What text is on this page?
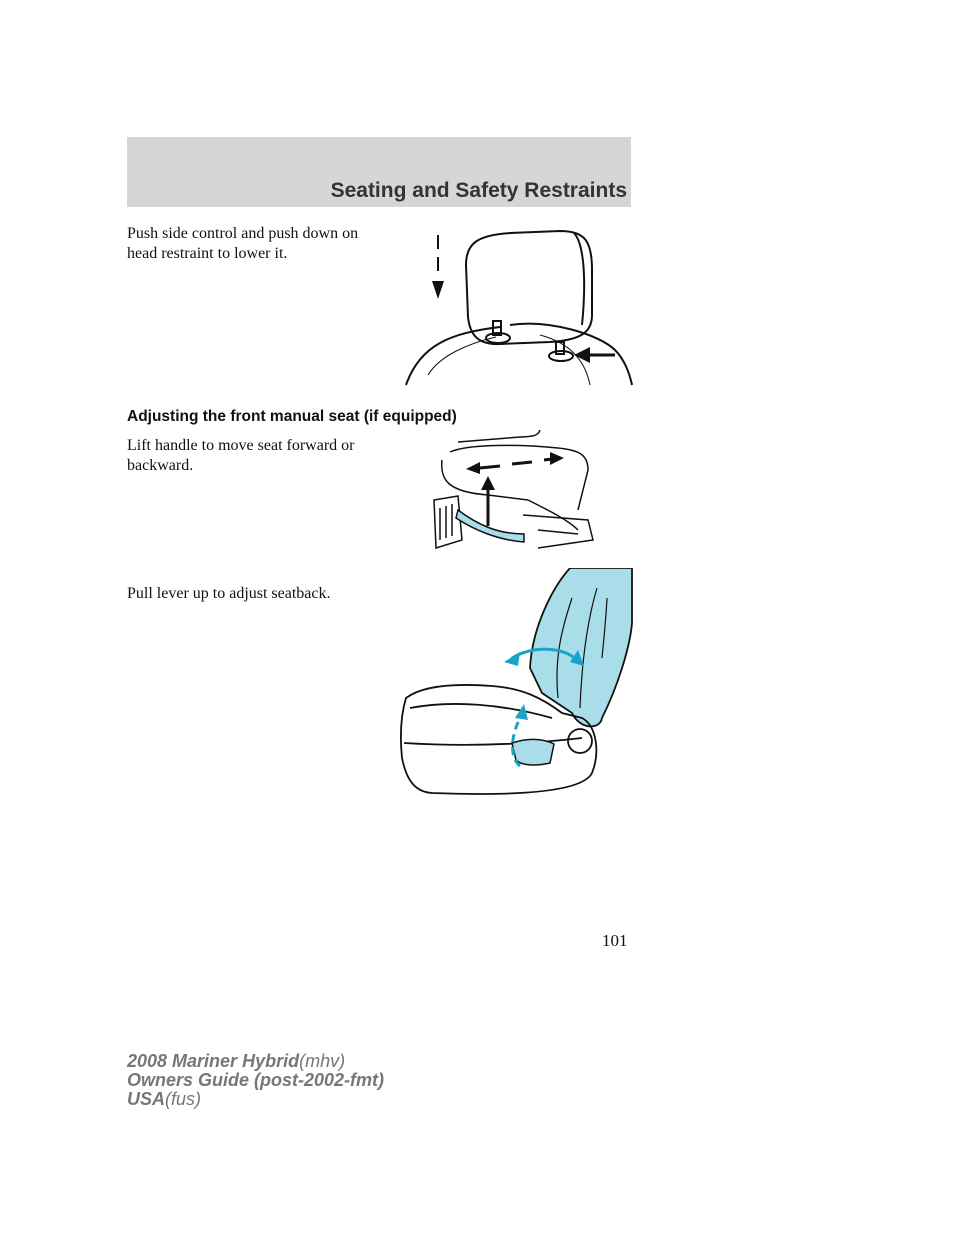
Seating and Safety Restraints
Push side control and push down on head restraint to lower it.
Adjusting the front manual seat (if equipped)
Lift handle to move seat forward or backward.
Pull lever up to adjust seatback.
101
2008 Mariner Hybrid(mhv)
Owners Guide (post-2002-fmt)
USA(fus)
